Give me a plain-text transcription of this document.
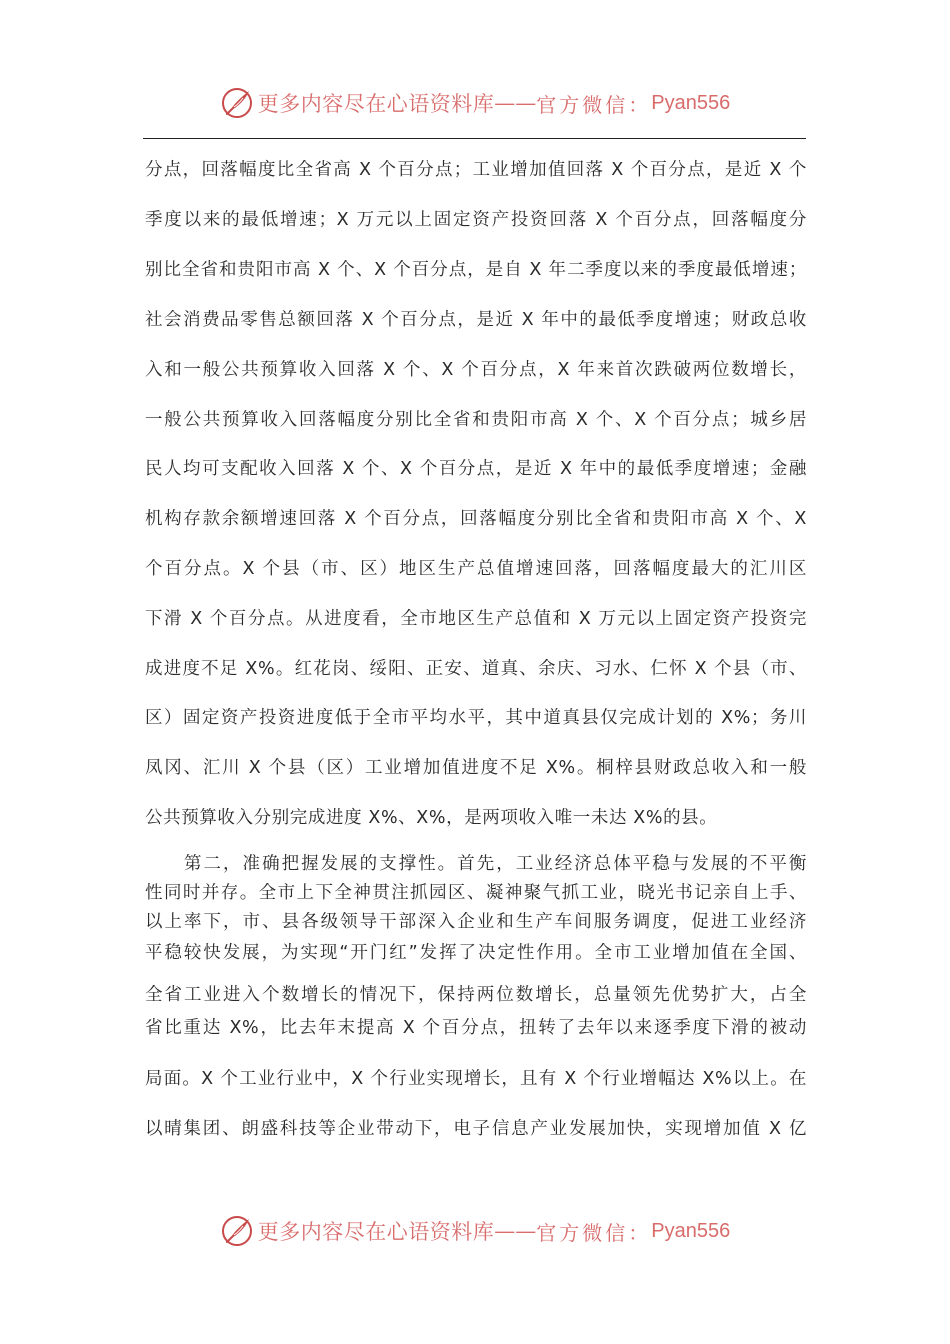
更多内容尽在心语资料库 —— 官方微信： Pyan556
分点，回落幅度比全省高 X 个百分点；工业增加值回落 X 个百分点，是近 X 个
季度以来的最低增速；X 万元以上固定资产投资回落 X 个百分点，回落幅度分
别比全省和贵阳市高 X 个、X 个百分点，是自 X 年二季度以来的季度最低增速；
社会消费品零售总额回落 X 个百分点，是近 X 年中的最低季度增速；财政总收
入和一般公共预算收入回落 X 个、X 个百分点，X 年来首次跌破两位数增长，
一般公共预算收入回落幅度分别比全省和贵阳市高 X 个、X 个百分点；城乡居
民人均可支配收入回落 X 个、X 个百分点，是近 X 年中的最低季度增速；金融
机构存款余额增速回落 X 个百分点，回落幅度分别比全省和贵阳市高 X 个、X
个百分点。X 个县（市、区）地区生产总值增速回落，回落幅度最大的汇川区
下滑 X 个百分点。从进度看，全市地区生产总值和 X 万元以上固定资产投资完
成进度不足 X%。红花岗、绥阳、正安、道真、余庆、习水、仁怀 X 个县（市、
区）固定资产投资进度低于全市平均水平，其中道真县仅完成计划的 X%；务川
凤冈、汇川 X 个县（区）工业增加值进度不足 X%。桐梓县财政总收入和一般
公共预算收入分别完成进度 X%、X%，是两项收入唯一未达 X%的县。
　　第二，准确把握发展的支撑性。首先，工业经济总体平稳与发展的不平衡
性同时并存。全市上下全神贯注抓园区、凝神聚气抓工业，晓光书记亲自上手、
以上率下，市、县各级领导干部深入企业和生产车间服务调度，促进工业经济
平稳较快发展，为实现“开门红”发挥了决定性作用。全市工业增加值在全国、
全省工业进入个数增长的情况下，保持两位数增长，总量领先优势扩大，占全
省比重达 X%，比去年末提高 X 个百分点，扭转了去年以来逐季度下滑的被动
局面。X 个工业行业中，X 个行业实现增长，且有 X 个行业增幅达 X%以上。在
以晴集团、朗盛科技等企业带动下，电子信息产业发展加快，实现增加值 X 亿
更多内容尽在心语资料库 —— 官方微信： Pyan556
